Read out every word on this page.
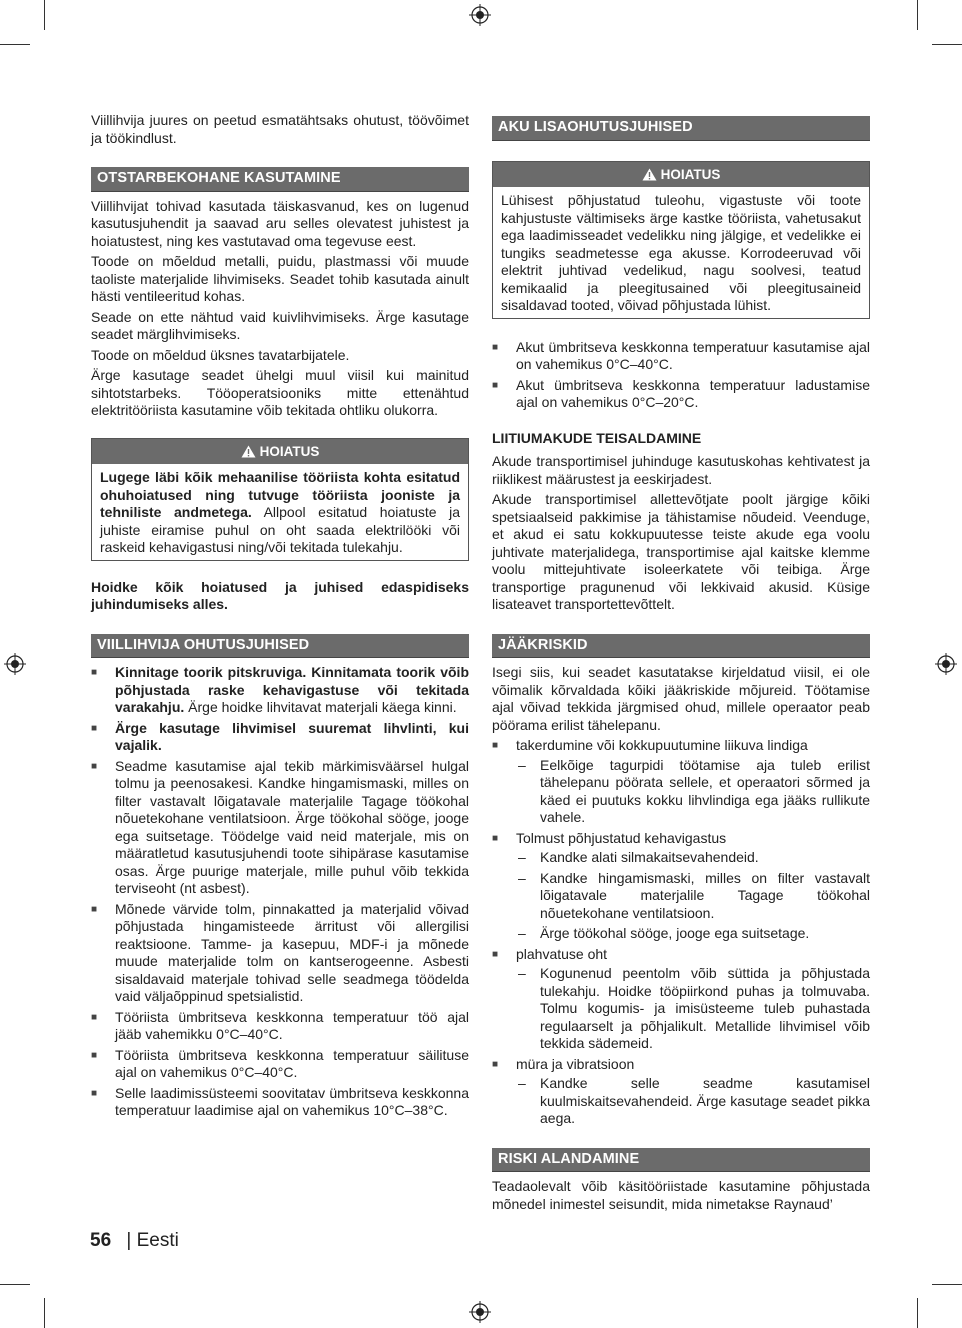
Viillihvija juures on peetud esmatähtsaks ohutust, töövõimet ja töökindlust.

OTSTARBEKOHANE KASUTAMINE

Viillihvijat tohivad kasutada täiskasvanud, kes on lugenud kasutusjuhendit ja saavad aru selles olevatest juhistest ja hoiatustest, ning kes vastutavad oma tegevuse eest.

Toode on mõeldud metalli, puidu, plastmassi või muude taoliste materjalide lihvimiseks. Seadet tohib kasutada ainult hästi ventileeritud kohas.

Seade on ette nähtud vaid kuivlihvimiseks. Ärge kasutage seadet märglihvimiseks.

Toode on mõeldud üksnes tavatarbijatele.

Ärge kasutage seadet ühelgi muul viisil kui mainitud sihtotstarbeks. Tööoperatsiooniks mitte ettenähtud elektritööriista kasutamine võib tekitada ohtliku olukorra.

HOIATUS
Lugege läbi kõik mehaanilise tööriista kohta esitatud ohuhoiatused ning tutvuge tööriista jooniste ja tehniliste andmetega. Allpool esitatud hoiatuste ja juhiste eiramise puhul on oht saada elektrilööki või raskeid kehavigastusi ning/või tekitada tulekahju.

Hoidke kõik hoiatused ja juhised edaspidiseks juhindumiseks alles.

VIILLIHVIJA OHUTUSJUHISED
■ Kinnitage toorik pitskruviga. Kinnitamata toorik võib põhjustada raske kehavigastuse või tekitada varakahju. Ärge hoidke lihvitavat materjali käega kinni.
■ Ärge kasutage lihvimisel suuremat lihvlinti, kui vajalik.
■ Seadme kasutamise ajal tekib märkimisväärsel hulgal tolmu ja peenosakesi. Kandke hingamismaski, milles on filter vastavalt lõigatavale materjalile Tagage töökohal nõuetekohane ventilatsioon. Ärge töökohal sööge, jooge ega suitsetage. Töödelge vaid neid materjale, mis on määratletud kasutusjuhendi toote sihipärase kasutamise osas. Ärge puurige materjale, mille puhul võib tekkida terviseoht (nt asbest).
■ Mõnede värvide tolm, pinnakatted ja materjalid võivad põhjustada hingamisteede ärritust või allergilisi reaktsioone. Tamme- ja kasepuu, MDF-i ja mõnede muude materjalide tolm on kantserogeenne. Asbesti sisaldavaid materjale tohivad selle seadmega töödelda vaid väljaõppinud spetsialistid.
■ Tööriista ümbritseva keskkonna temperatuur töö ajal jääb vahemikku 0°C–40°C.
■ Tööriista ümbritseva keskkonna temperatuur säilituse ajal on vahemikus 0°C–40°C.
■ Selle laadimissüsteemi soovitatav ümbritseva keskkonna temperatuur laadimise ajal on vahemikus 10°C–38°C.
AKU LISAOHUTUSJUHISED
HOIATUS
Lühisest põhjustatud tuleohu, vigastuste või toote kahjustuste vältimiseks ärge kastke tööriista, vahetusakut ega laadimisseadet vedelikku ning jälgige, et vedelikke ei tungiks seadmetesse ega akusse. Korrodeeruvad või elektrit juhtivad vedelikud, nagu soolvesi, teatud kemikaalid ja pleegitusained või pleegitusaineid sisaldavad tooted, võivad põhjustada lühist.
■ Akut ümbritseva keskkonna temperatuur kasutamise ajal on vahemikus 0°C–40°C.
■ Akut ümbritseva keskkonna temperatuur ladustamise ajal on vahemikus 0°C–20°C.
LIITIUMAKUDE TEISALDAMINE

Akude transportimisel juhinduge kasutuskohas kehtivatest ja riiklikest määrustest ja eeskirjadest.

Akude transportimisel allettevõtjate poolt järgige kõiki spetsiaalseid pakkimise ja tähistamise nõudeid. Veenduge, et akud ei satu kokkupuutesse teiste akude ega voolu juhtivate materjalidega, transportimise ajal kaitske klemme voolu mittejuhtivate isoleerkatete või teibiga. Ärge transportige pragunenud või lekkivaid akusid. Küsige lisateavet transportettevõttelt.

JÄÄKRISKID

Isegi siis, kui seadet kasutatakse kirjeldatud viisil, ei ole võimalik kõrvaldada kõiki jääkriskide mõjureid. Töötamise ajal võivad tekkida järgmised ohud, millele operaator peab pöörama erilist tähelepanu.

■ takerdumine või kokkupuutumine liikuva lindiga
– Eelkõige tagurpidi töötamise aja tuleb erilist tähelepanu pöörata sellele, et operaatori sõrmed ja käed ei puutuks kokku lihvlindiga ega jääks rullikute vahele.
■ Tolmust põhjustatud kehavigastus
– Kandke alati silmakaitsevahendeid.
– Kandke hingamismaski, milles on filter vastavalt lõigatavale materjalile Tagage töökohal nõuetekohane ventilatsioon.
– Ärge töökohal sööge, jooge ega suitsetage.
■ plahvatuse oht
– Kogunenud peentolm võib süttida ja põhjustada tulekahju. Hoidke tööpiirkond puhas ja tolmuvaba. Tolmu kogumis- ja imisüsteeme tuleb puhastada regulaarselt ja põhjalikult. Metallide lihvimisel võib tekkida sädemeid.
■ müra ja vibratsioon
– Kandke selle seadme kasutamisel kuulmiskaitsevahendeid. Ärge kasutage seadet pikka aega.
RISKI ALANDAMINE

Teadaolevalt võib käsitööriistade kasutamine põhjustada mõnedel inimestel seisundit, mida nimetakse Raynaud’

56 | Eesti
